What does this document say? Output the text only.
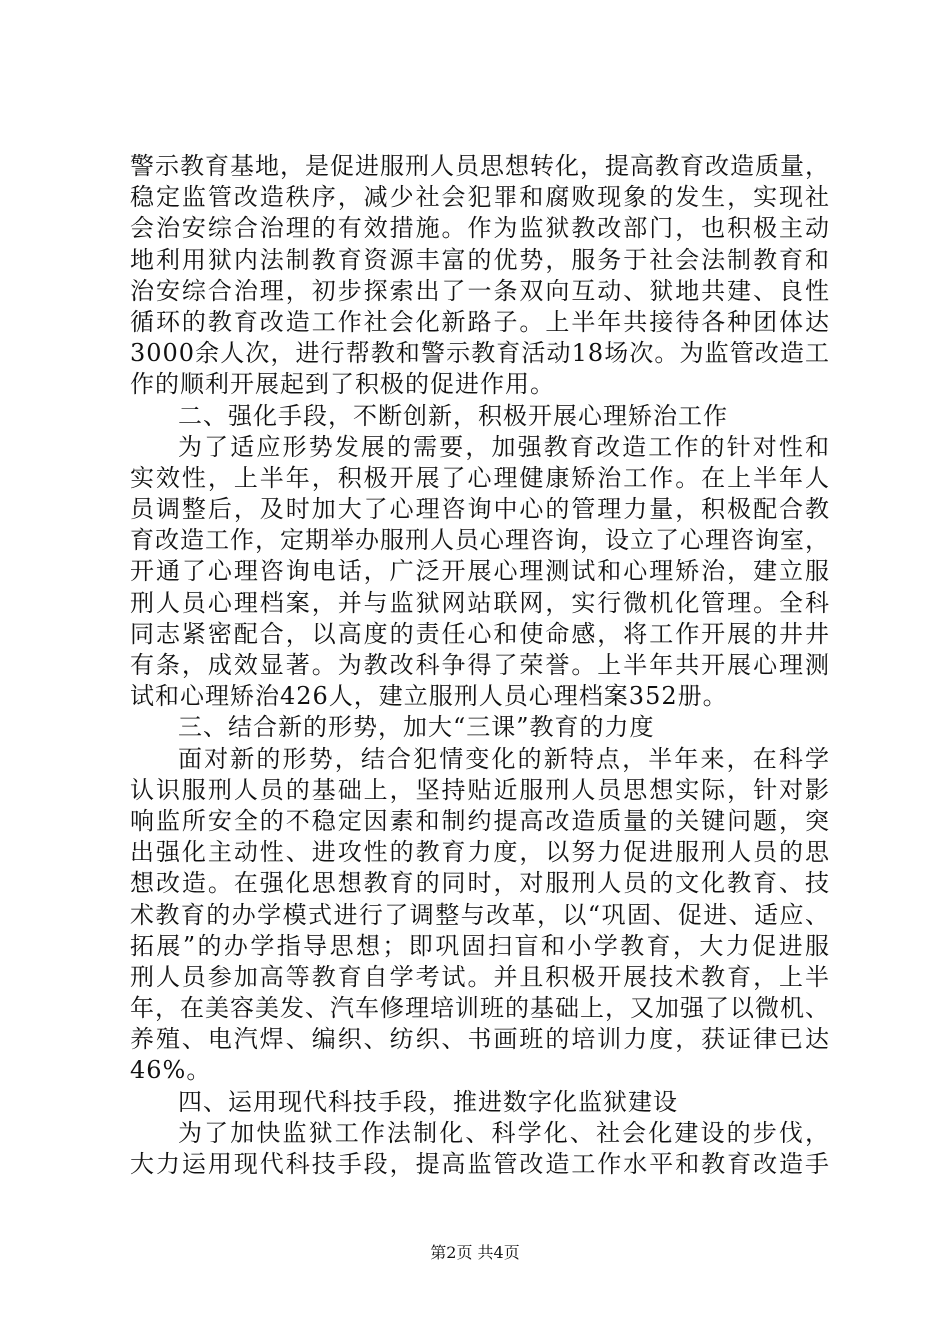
警示教育基地，是促进服刑人员思想转化，提高教育改造质量，
稳定监管改造秩序，减少社会犯罪和腐败现象的发生，实现社
会治安综合治理的有效措施。作为监狱教改部门，也积极主动
地利用狱内法制教育资源丰富的优势，服务于社会法制教育和
治安综合治理，初步探索出了一条双向互动、狱地共建、良性
循环的教育改造工作社会化新路子。上半年共接待各种团体达
3000余人次，进行帮教和警示教育活动18场次。为监管改造工
作的顺利开展起到了积极的促进作用。
二、强化手段，不断创新，积极开展心理矫治工作
为了适应形势发展的需要，加强教育改造工作的针对性和
实效性，上半年，积极开展了心理健康矫治工作。在上半年人
员调整后，及时加大了心理咨询中心的管理力量，积极配合教
育改造工作，定期举办服刑人员心理咨询，设立了心理咨询室，
开通了心理咨询电话，广泛开展心理测试和心理矫治，建立服
刑人员心理档案，并与监狱网站联网，实行微机化管理。全科
同志紧密配合，以高度的责任心和使命感，将工作开展的井井
有条，成效显著。为教改科争得了荣誉。上半年共开展心理测
试和心理矫治426人，建立服刑人员心理档案352册。
三、结合新的形势，加大“三课”教育的力度
面对新的形势，结合犯情变化的新特点，半年来，在科学
认识服刑人员的基础上，坚持贴近服刑人员思想实际，针对影
响监所安全的不稳定因素和制约提高改造质量的关键问题，突
出强化主动性、进攻性的教育力度，以努力促进服刑人员的思
想改造。在强化思想教育的同时，对服刑人员的文化教育、技
术教育的办学模式进行了调整与改革，以“巩固、促进、适应、
拓展”的办学指导思想；即巩固扫盲和小学教育，大力促进服
刑人员参加高等教育自学考试。并且积极开展技术教育，上半
年，在美容美发、汽车修理培训班的基础上，又加强了以微机、
养殖、电汽焊、编织、纺织、书画班的培训力度，获证律已达
46%。
四、运用现代科技手段，推进数字化监狱建设
为了加快监狱工作法制化、科学化、社会化建设的步伐，
大力运用现代科技手段，提高监管改造工作水平和教育改造手
第2页 共4页
